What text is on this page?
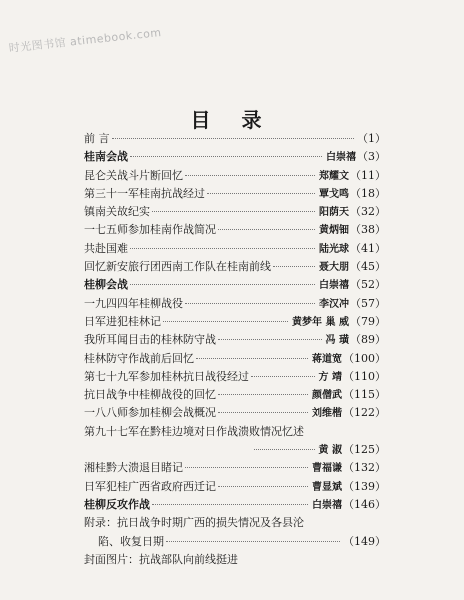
时光图书馆 atimebook.com
目 录
前 言	（1）
桂南会战	白崇禧 （3）
昆仑关战斗片断回忆	郑耀文 （11）
第三十一军桂南抗战经过	覃戈鸣 （18）
镇南关故纪实	阳荫天 （32）
一七五师参加桂南作战简况	黄炳钿 （38）
共赴国难	陆光球 （41）
回忆新安旅行团西南工作队在桂南前线	聂大朋 （45）
桂柳会战	白崇禧 （52）
一九四四年桂柳战役	李汉冲 （57）
日军进犯桂林记	黄梦年 巢 威 （79）
我所耳闻目击的桂林防守战	冯 璜 （89）
桂林防守作战前后回忆	蒋道宽 （100）
第七十九军参加桂林抗日战役经过	方 靖 （110）
抗日战争中桂柳战役的回忆	颜僧武 （115）
一八八师参加桂柳会战概况	刘维楷 （122）
第九十七军在黔桂边境对日作战溃败情况忆述
黄 淑 （125）
湘桂黔大溃退目睹记	曹福谦 （132）
日军犯桂广西省政府西迁记	曹显斌 （139）
桂柳反攻作战	白崇禧 （146）
附录：抗日战争时期广西的损失情况及各县沦
陷、收复日期	（149）
封面图片：抗战部队向前线挺进
